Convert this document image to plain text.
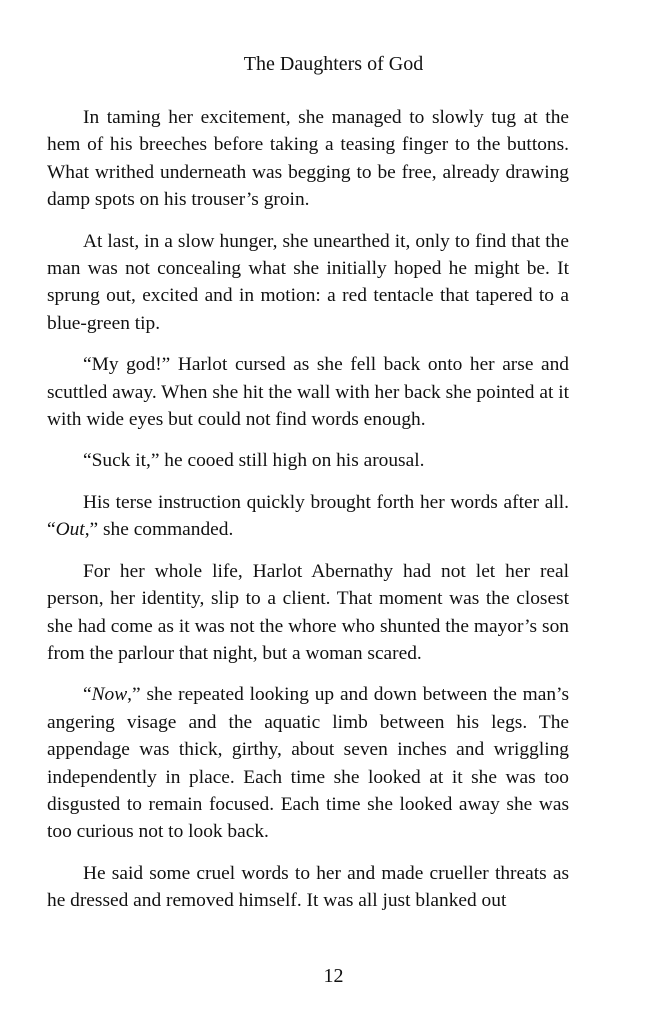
The Daughters of God

In taming her excitement, she managed to slowly tug at the hem of his breeches before taking a teasing finger to the buttons. What writhed underneath was begging to be free, already drawing damp spots on his trouser’s groin.

At last, in a slow hunger, she unearthed it, only to find that the man was not concealing what she initially hoped he might be. It sprung out, excited and in motion: a red tentacle that tapered to a blue-green tip.

“My god!” Harlot cursed as she fell back onto her arse and scuttled away. When she hit the wall with her back she pointed at it with wide eyes but could not find words enough.

“Suck it,” he cooed still high on his arousal.

His terse instruction quickly brought forth her words after all. “Out,” she commanded.

For her whole life, Harlot Abernathy had not let her real person, her identity, slip to a client. That moment was the closest she had come as it was not the whore who shunted the mayor’s son from the parlour that night, but a woman scared.

“Now,” she repeated looking up and down between the man’s angering visage and the aquatic limb between his legs. The appendage was thick, girthy, about seven inches and wriggling independently in place. Each time she looked at it she was too disgusted to remain focused. Each time she looked away she was too curious not to look back.

He said some cruel words to her and made crueller threats as he dressed and removed himself. It was all just blanked out

12
